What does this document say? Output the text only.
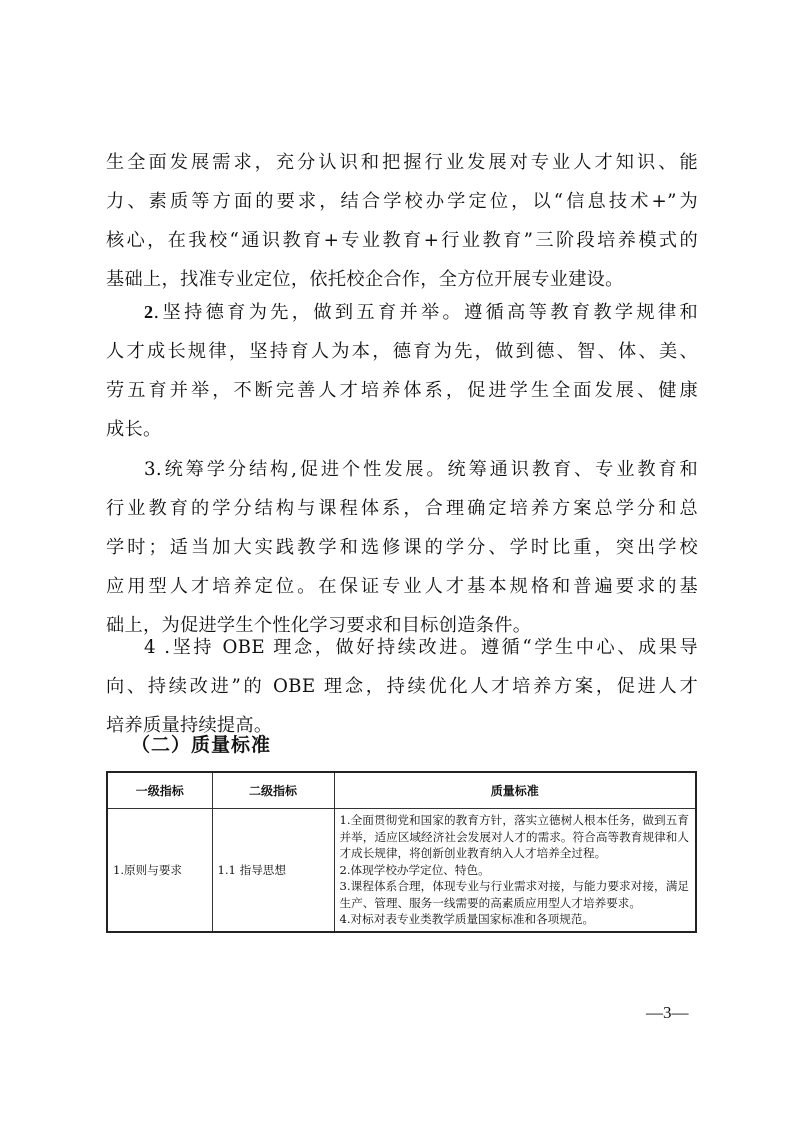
生全面发展需求，充分认识和把握行业发展对专业人才知识、能
力、素质等方面的要求，结合学校办学定位，以“信息技术+”为
核心，在我校“通识教育+专业教育+行业教育”三阶段培养模式的
基础上，找准专业定位，依托校企合作，全方位开展专业建设。
2.坚持德育为先，做到五育并举。遵循高等教育教学规律和
人才成长规律，坚持育人为本，德育为先，做到德、智、体、美、
劳五育并举，不断完善人才培养体系，促进学生全面发展、健康
成长。
3.统筹学分结构,促进个性发展。统筹通识教育、专业教育和
行业教育的学分结构与课程体系，合理确定培养方案总学分和总
学时；适当加大实践教学和选修课的学分、学时比重，突出学校
应用型人才培养定位。在保证专业人才基本规格和普遍要求的基
础上，为促进学生个性化学习要求和目标创造条件。
4 .坚持 OBE 理念，做好持续改进。遵循“学生中心、成果导
向、持续改进”的 OBE 理念，持续优化人才培养方案，促进人才
培养质量持续提高。
（二）质量标准
一级指标	二级指标	质量标准
1.原则与要求	1.1 指导思想	1.全面贯彻党和国家的教育方针，落实立德树人根本任务，做到五育并举，适应区域经济社会发展对人才的需求。符合高等教育规律和人才成长规律，将创新创业教育纳入人才培养全过程。
2.体现学校办学定位、特色。
3.课程体系合理，体现专业与行业需求对接，与能力要求对接，满足生产、管理、服务一线需要的高素质应用型人才培养要求。
4.对标对表专业类教学质量国家标准和各项规范。
—3—
